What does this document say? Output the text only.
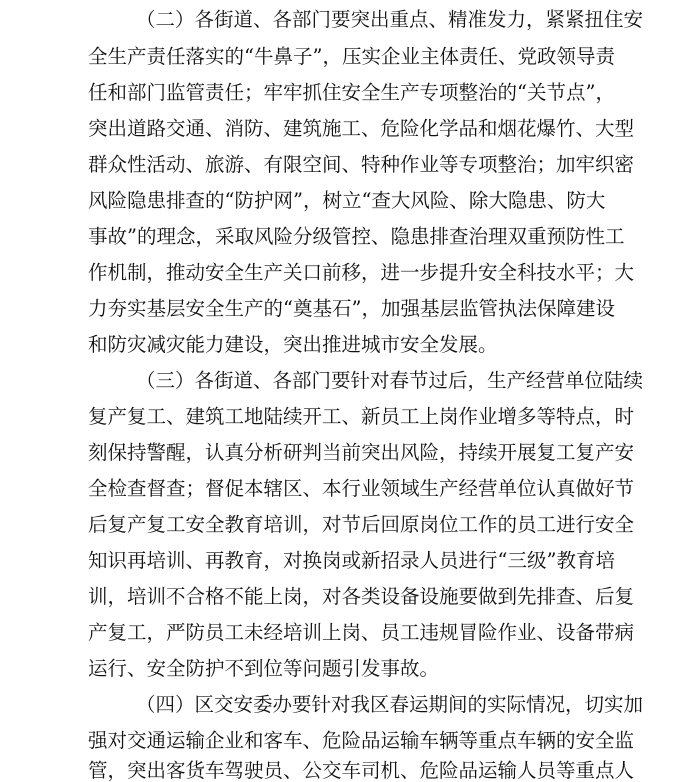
（二）各街道、各部门要突出重点、精准发力，紧紧扭住安
全生产责任落实的“牛鼻子”，压实企业主体责任、党政领导责
任和部门监管责任；牢牢抓住安全生产专项整治的“关节点”，
突出道路交通、消防、建筑施工、危险化学品和烟花爆竹、大型
群众性活动、旅游、有限空间、特种作业等专项整治；加牢织密
风险隐患排查的“防护网”，树立“查大风险、除大隐患、防大
事故”的理念，采取风险分级管控、隐患排查治理双重预防性工
作机制，推动安全生产关口前移，进一步提升安全科技水平；大
力夯实基层安全生产的“奠基石”，加强基层监管执法保障建设
和防灾减灾能力建设，突出推进城市安全发展。
（三）各街道、各部门要针对春节过后，生产经营单位陆续
复产复工、建筑工地陆续开工、新员工上岗作业增多等特点，时
刻保持警醒，认真分析研判当前突出风险，持续开展复工复产安
全检查督查；督促本辖区、本行业领域生产经营单位认真做好节
后复产复工安全教育培训，对节后回原岗位工作的员工进行安全
知识再培训、再教育，对换岗或新招录人员进行“三级”教育培
训，培训不合格不能上岗，对各类设备设施要做到先排查、后复
产复工，严防员工未经培训上岗、员工违规冒险作业、设备带病
运行、安全防护不到位等问题引发事故。
（四）区交安委办要针对我区春运期间的实际情况，切实加
强对交通运输企业和客车、危险品运输车辆等重点车辆的安全监
管，突出客货车驾驶员、公交车司机、危险品运输人员等重点人
